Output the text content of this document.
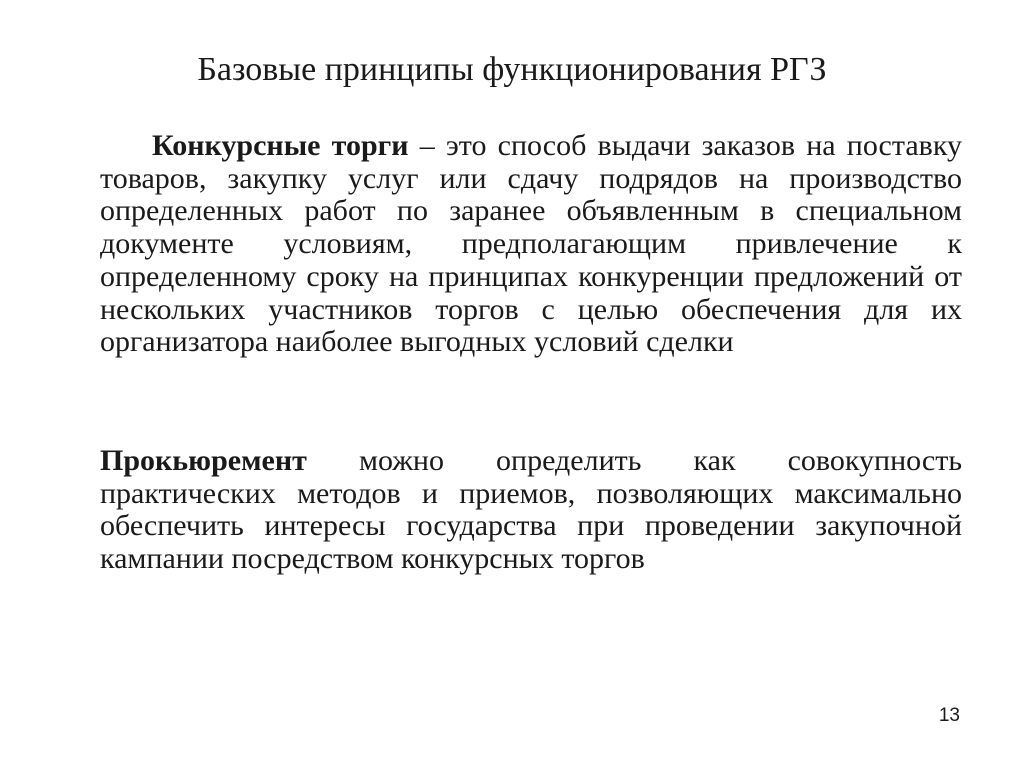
Базовые принципы функционирования РГЗ

Конкурсные торги – это способ выдачи заказов на поставку товаров, закупку услуг или сдачу подрядов на производство определенных работ по заранее объявленным в специальном документе условиям, предполагающим привлечение к определенному сроку на принципах конкуренции предложений от нескольких участников торгов с целью обеспечения для их организатора наиболее выгодных условий сделки

Прокьюремент можно определить как совокупность практических методов и приемов, позволяющих максимально обеспечить интересы государства при проведении закупочной кампании посредством конкурсных торгов

13
